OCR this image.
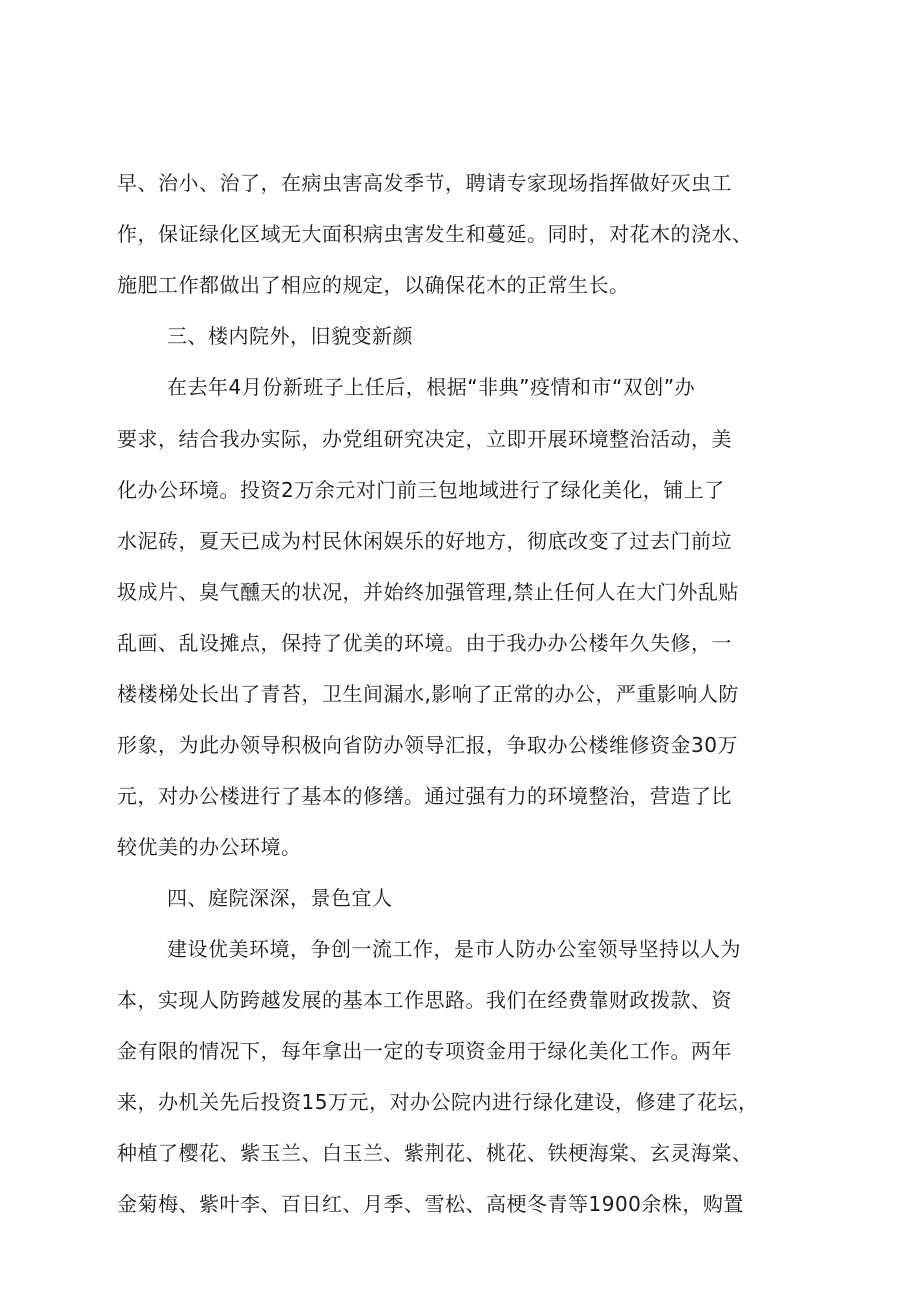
早、治小、治了，在病虫害高发季节，聘请专家现场指挥做好灭虫工
作，保证绿化区域无大面积病虫害发生和蔓延。同时，对花木的浇水、
施肥工作都做出了相应的规定，以确保花木的正常生长。
三、楼内院外，旧貌变新颜
在去年4月份新班子上任后，根据“非典”疫情和市“双创”办
要求，结合我办实际，办党组研究决定，立即开展环境整治活动，美
化办公环境。投资2万余元对门前三包地域进行了绿化美化，铺上了
水泥砖，夏天已成为村民休闲娱乐的好地方，彻底改变了过去门前垃
圾成片、臭气醺天的状况，并始终加强管理,禁止任何人在大门外乱贴
乱画、乱设摊点，保持了优美的环境。由于我办办公楼年久失修，一
楼楼梯处长出了青苔，卫生间漏水,影响了正常的办公，严重影响人防
形象，为此办领导积极向省防办领导汇报，争取办公楼维修资金30万
元，对办公楼进行了基本的修缮。通过强有力的环境整治，营造了比
较优美的办公环境。
四、庭院深深，景色宜人
建设优美环境，争创一流工作，是市人防办公室领导坚持以人为
本，实现人防跨越发展的基本工作思路。我们在经费靠财政拨款、资
金有限的情况下，每年拿出一定的专项资金用于绿化美化工作。两年
来，办机关先后投资15万元，对办公院内进行绿化建设，修建了花坛，
种植了樱花、紫玉兰、白玉兰、紫荆花、桃花、铁梗海棠、玄灵海棠、
金菊梅、紫叶李、百日红、月季、雪松、高梗冬青等1900余株，购置
